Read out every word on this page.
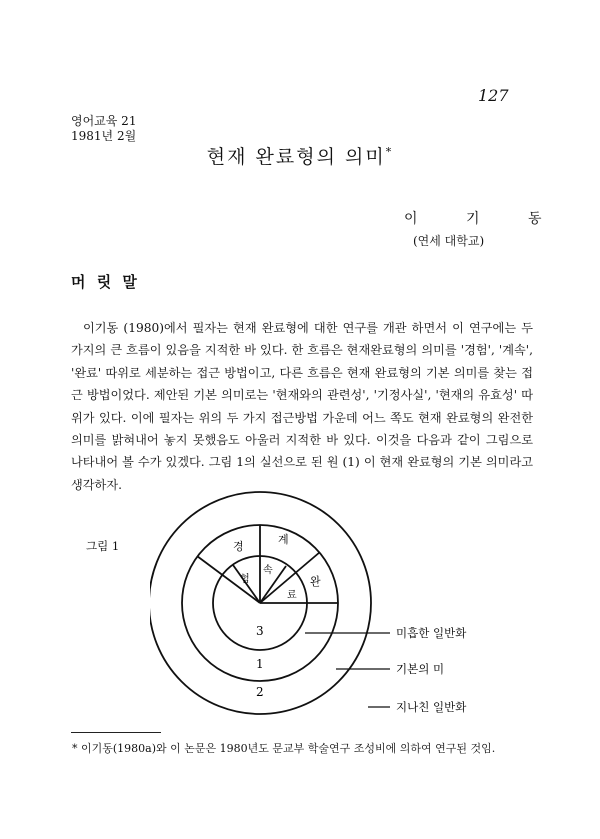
127
영어교육 21
1981년 2월
현재 완료형의 의미*
이 기 동
(연세 대학교)
머 릿 말

이기동 (1980)에서 필자는 현재 완료형에 대한 연구를 개관 하면서 이 연구에는 두 가지의 큰 흐름이 있음을 지적한 바 있다. 한 흐름은 현재완료형의 의미를 '경험', '계속', '완료' 따위로 세분하는 접근 방법이고, 다른 흐름은 현재 완료형의 기본 의미를 찾는 접근 방법이었다. 제안된 기본 의미로는 '현재와의 관련성', '기정사실', '현재의 유효성' 따위가 있다. 이에 필자는 위의 두 가지 접근방법 가운데 어느 쪽도 현재 완료형의 완전한 의미를 밝혀내어 놓지 못했음도 아울러 지적한 바 있다. 이것을 다음과 같이 그림으로 나타내어 볼 수가 있겠다. 그림 1의 실선으로 된 원 (1) 이 현재 완료형의 기본 의미라고 생각하자.

그림 1	경
계
완
험
속
료
3
1
2
미흡한 일반화
기본의 미
지나친 일반화
* 이기동(1980a)와 이 논문은 1980년도 문교부 학술연구 조성비에 의하여 연구된 것임.
